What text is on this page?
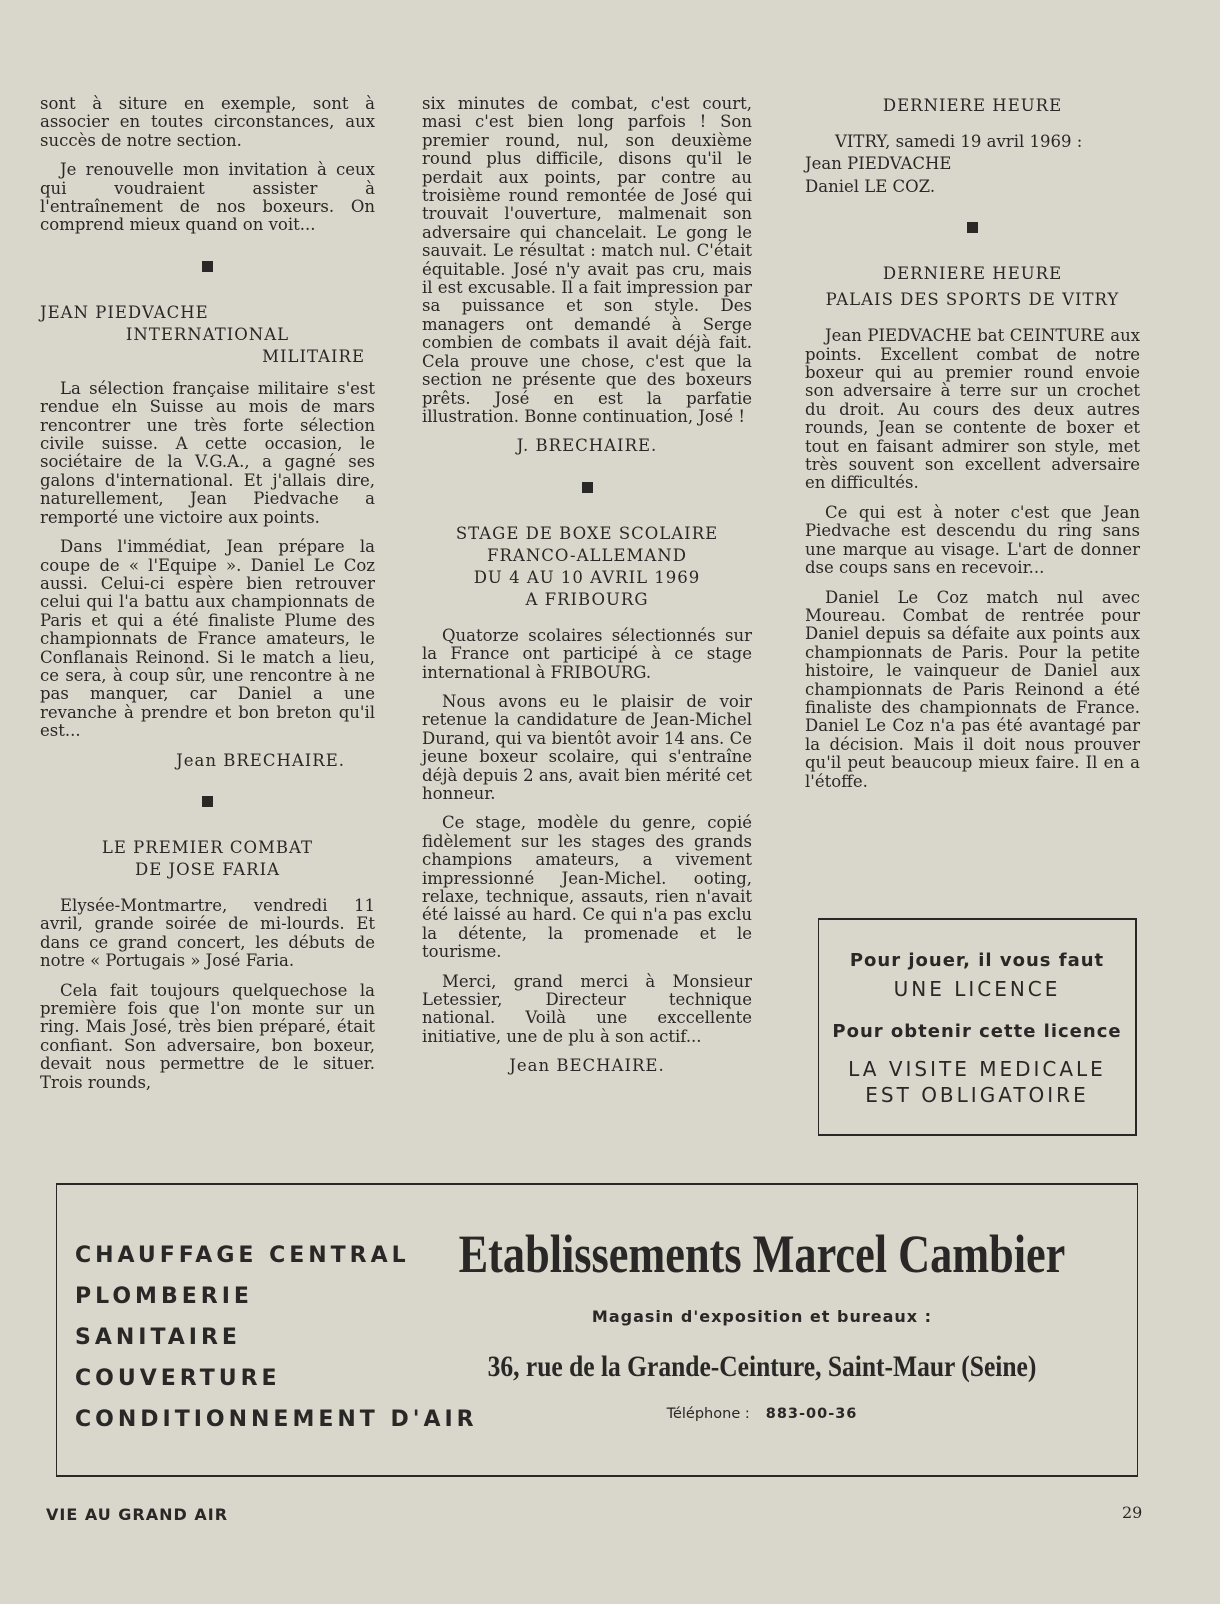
sont à siture en exemple, sont à associer en toutes circonstances, aux succès de notre section.

Je renouvelle mon invitation à ceux qui voudraient assister à l'entraînement de nos boxeurs. On comprend mieux quand on voit...

JEAN PIEDVACHE
INTERNATIONAL
MILITAIRE

La sélection française militaire s'est rendue eln Suisse au mois de mars rencontrer une très forte sélection civile suisse. A cette occasion, le sociétaire de la V.G.A., a gagné ses galons d'international. Et j'allais dire, naturellement, Jean Piedvache a remporté une victoire aux points.

Dans l'immédiat, Jean prépare la coupe de « l'Equipe ». Daniel Le Coz aussi. Celui-ci espère bien retrouver celui qui l'a battu aux championnats de Paris et qui a été finaliste Plume des championnats de France amateurs, le Conflanais Reinond. Si le match a lieu, ce sera, à coup sûr, une rencontre à ne pas manquer, car Daniel a une revanche à prendre et bon breton qu'il est...

Jean BRECHAIRE.
LE PREMIER COMBAT
DE JOSE FARIA

Elysée-Montmartre, vendredi 11 avril, grande soirée de mi-lourds. Et dans ce grand concert, les débuts de notre « Portugais » José Faria.

Cela fait toujours quelquechose la première fois que l'on monte sur un ring. Mais José, très bien préparé, était confiant. Son adversaire, bon boxeur, devait nous permettre de le situer. Trois rounds,

six minutes de combat, c'est court, masi c'est bien long parfois ! Son premier round, nul, son deuxième round plus difficile, disons qu'il le perdait aux points, par contre au troisième round remontée de José qui trouvait l'ouverture, malmenait son adversaire qui chancelait. Le gong le sauvait. Le résultat : match nul. C'était équitable. José n'y avait pas cru, mais il est excusable. Il a fait impression par sa puissance et son style. Des managers ont demandé à Serge combien de combats il avait déjà fait. Cela prouve une chose, c'est que la section ne présente que des boxeurs prêts. José en est la parfatie illustration. Bonne continuation, José !

J. BRECHAIRE.
STAGE DE BOXE SCOLAIRE
FRANCO-ALLEMAND
DU 4 AU 10 AVRIL 1969
A FRIBOURG

Quatorze scolaires sélectionnés sur la France ont participé à ce stage international à FRIBOURG.

Nous avons eu le plaisir de voir retenue la candidature de Jean-Michel Durand, qui va bientôt avoir 14 ans. Ce jeune boxeur scolaire, qui s'entraîne déjà depuis 2 ans, avait bien mérité cet honneur.

Ce stage, modèle du genre, copié fidèlement sur les stages des grands champions amateurs, a vivement impressionné Jean-Michel. ooting, relaxe, technique, assauts, rien n'avait été laissé au hard. Ce qui n'a pas exclu la détente, la promenade et le tourisme.

Merci, grand merci à Monsieur Letessier, Directeur technique national. Voilà une exccellente initiative, une de plu à son actif...

Jean BECHAIRE.
DERNIERE HEURE
VITRY, samedi 19 avril 1969 :
Jean PIEDVACHE
Daniel LE COZ.
DERNIERE HEURE
PALAIS DES SPORTS DE VITRY

Jean PIEDVACHE bat CEINTURE aux points. Excellent combat de notre boxeur qui au premier round envoie son adversaire à terre sur un crochet du droit. Au cours des deux autres rounds, Jean se contente de boxer et tout en faisant admirer son style, met très souvent son excellent adversaire en difficultés.

Ce qui est à noter c'est que Jean Piedvache est descendu du ring sans une marque au visage. L'art de donner dse coups sans en recevoir...

Daniel Le Coz match nul avec Moureau. Combat de rentrée pour Daniel depuis sa défaite aux points aux championnats de Paris. Pour la petite histoire, le vainqueur de Daniel aux championnats de Paris Reinond a été finaliste des championnats de France. Daniel Le Coz n'a pas été avantagé par la décision. Mais il doit nous prouver qu'il peut beaucoup mieux faire. Il en a l'étoffe.

Pour jouer, il vous faut
UNE LICENCE
Pour obtenir cette licence
LA VISITE MEDICALE
EST OBLIGATOIRE
CHAUFFAGE CENTRAL
PLOMBERIE
SANITAIRE
COUVERTURE
CONDITIONNEMENT D'AIR
Etablissements Marcel Cambier
Magasin d'exposition et bureaux :
36, rue de la Grande-Ceinture, Saint-Maur (Seine)
Téléphone : 883-00-36
VIE AU GRAND AIR	29
